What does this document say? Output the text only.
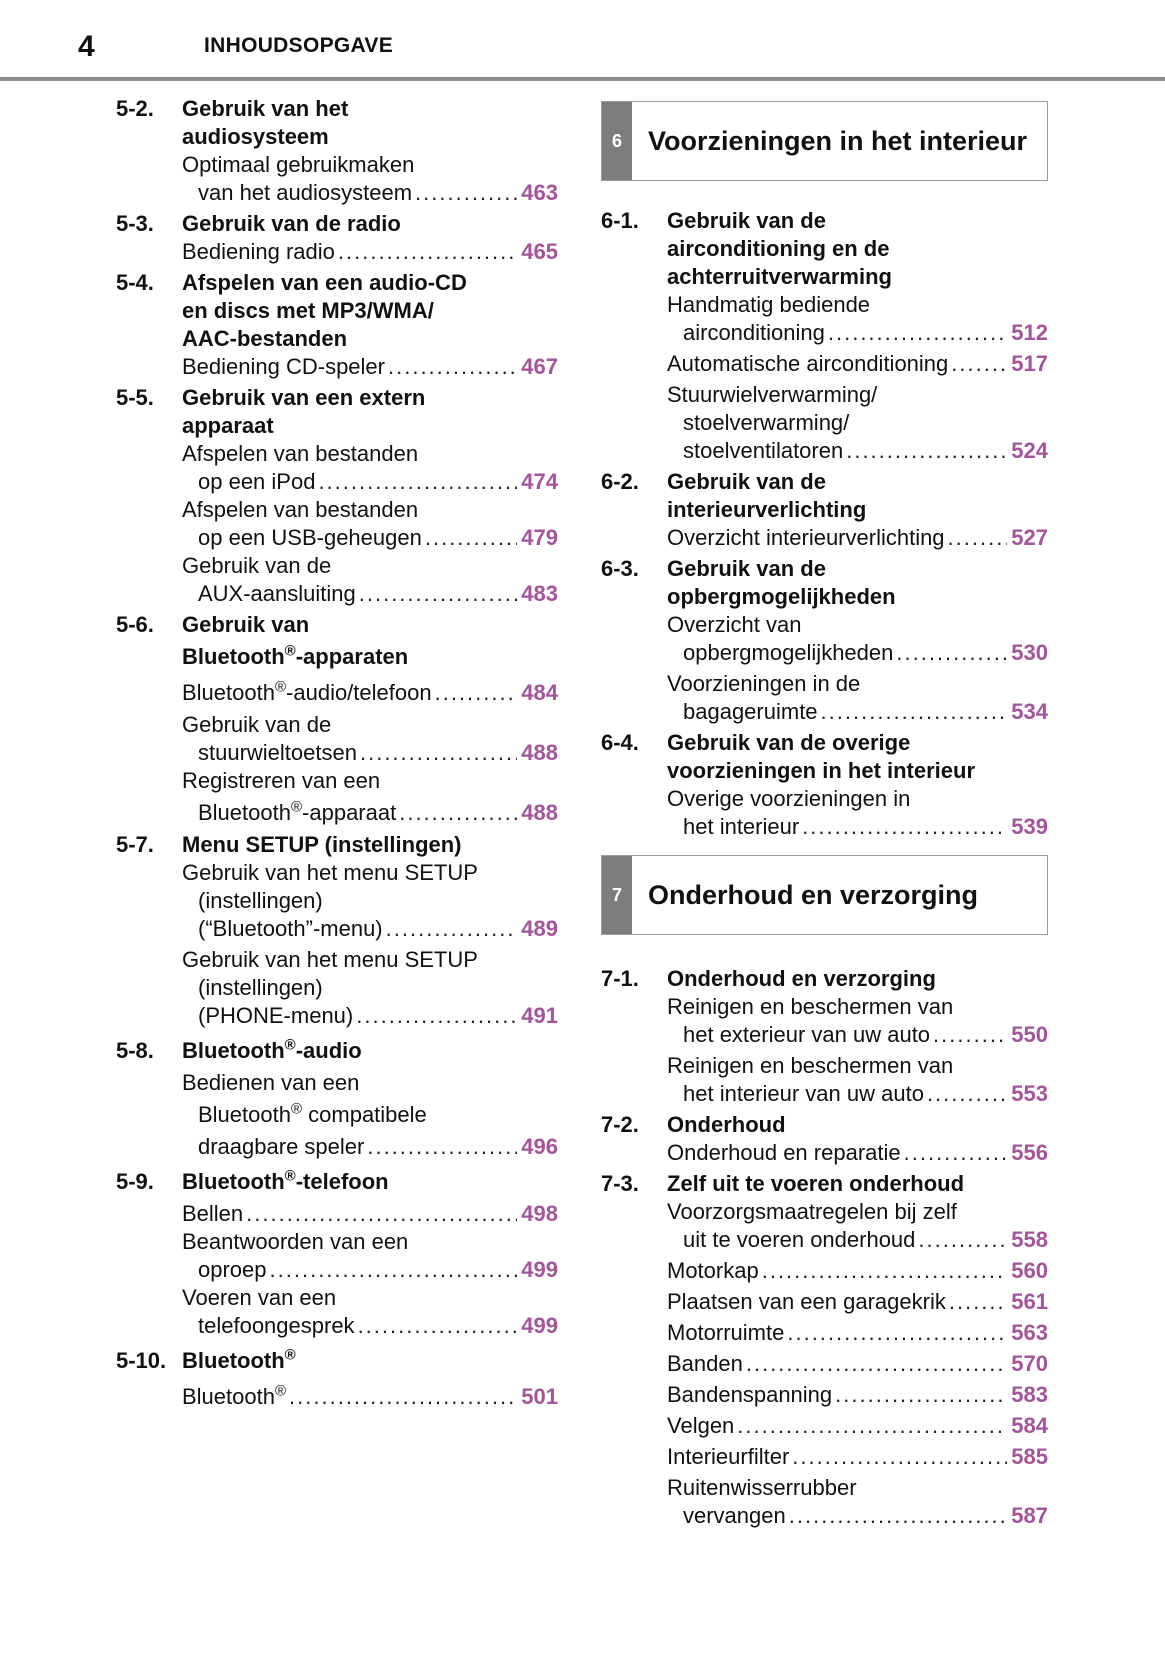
4	INHOUDSOPGAVE
5-2.	Gebruik van het
audiosysteem
Optimaal gebruikmaken
van het audiosysteem .....	463
5-3.	Gebruik van de radio
Bediening radio .....	465
5-4.	Afspelen van een audio-CD
en discs met MP3/WMA/
AAC-bestanden
Bediening CD-speler .....	467
5-5.	Gebruik van een extern
apparaat
Afspelen van bestanden
op een iPod .....	474
Afspelen van bestanden
op een USB-geheugen .....	479
Gebruik van de
AUX-aansluiting .....	483
5-6.	Gebruik van
Bluetooth®-apparaten
Bluetooth®-audio/telefoon .....	484
Gebruik van de
stuurwieltoetsen .....	488
Registreren van een
Bluetooth®-apparaat .....	488
5-7.	Menu SETUP (instellingen)
Gebruik van het menu SETUP
(instellingen)
(“Bluetooth”-menu) .....	489
Gebruik van het menu SETUP
(instellingen)
(PHONE-menu) .....	491
5-8.	Bluetooth®-audio
Bedienen van een
Bluetooth® compatibele
draagbare speler .....	496
5-9.	Bluetooth®-telefoon
Bellen .....	498
Beantwoorden van een
oproep .....	499
Voeren van een
telefoongesprek .....	499
5-10. Bluetooth®
Bluetooth® .....	501
6 Voorzieningen in het interieur
6-1.	Gebruik van de
airconditioning en de
achterruitverwarming
Handmatig bediende
airconditioning .....	512
Automatische airconditioning .....	517
Stuurwielverwarming/
stoelverwarming/
stoelventilatoren .....	524
6-2.	Gebruik van de
interieurverlichting
Overzicht interieurverlichting .....	527
6-3.	Gebruik van de
opbergmogelijkheden
Overzicht van
opbergmogelijkheden .....	530
Voorzieningen in de
bagageruimte .....	534
6-4.	Gebruik van de overige
voorzieningen in het interieur
Overige voorzieningen in
het interieur .....	539
7 Onderhoud en verzorging
7-1.	Onderhoud en verzorging
Reinigen en beschermen van
het exterieur van uw auto .....	550
Reinigen en beschermen van
het interieur van uw auto .....	553
7-2.	Onderhoud
Onderhoud en reparatie .....	556
7-3.	Zelf uit te voeren onderhoud
Voorzorgsmaatregelen bij zelf
uit te voeren onderhoud .....	558
Motorkap .....	560
Plaatsen van een garagekrik .....	561
Motorruimte .....	563
Banden .....	570
Bandenspanning .....	583
Velgen .....	584
Interieurfilter .....	585
Ruitenwisserrubber
vervangen .....	587
